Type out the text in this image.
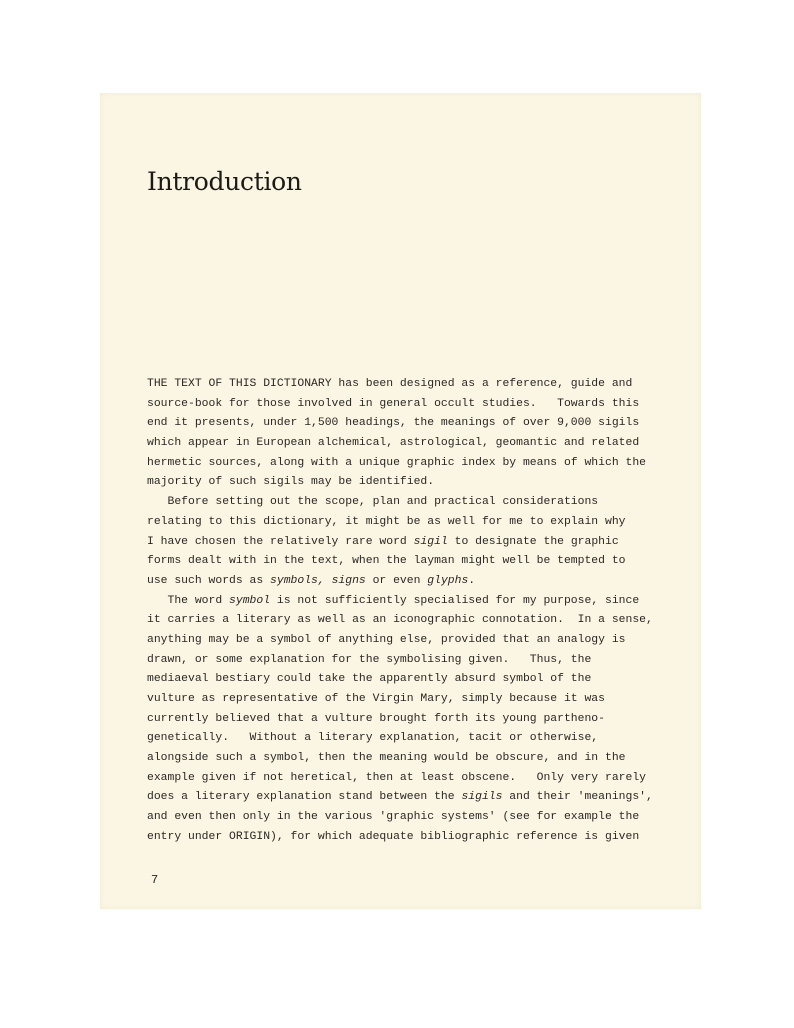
Introduction
THE TEXT OF THIS DICTIONARY has been designed as a reference, guide and
source-book for those involved in general occult studies.   Towards this
end it presents, under 1,500 headings, the meanings of over 9,000 sigils
which appear in European alchemical, astrological, geomantic and related
hermetic sources, along with a unique graphic index by means of which the
majority of such sigils may be identified.
Before setting out the scope, plan and practical considerations
relating to this dictionary, it might be as well for me to explain why
I have chosen the relatively rare word sigil to designate the graphic
forms dealt with in the text, when the layman might well be tempted to
use such words as symbols, signs or even glyphs.
The word symbol is not sufficiently specialised for my purpose, since
it carries a literary as well as an iconographic connotation.  In a sense,
anything may be a symbol of anything else, provided that an analogy is
drawn, or some explanation for the symbolising given.   Thus, the
mediaeval bestiary could take the apparently absurd symbol of the
vulture as representative of the Virgin Mary, simply because it was
currently believed that a vulture brought forth its young partheno-
genetically.   Without a literary explanation, tacit or otherwise,
alongside such a symbol, then the meaning would be obscure, and in the
example given if not heretical, then at least obscene.   Only very rarely
does a literary explanation stand between the sigils and their 'meanings',
and even then only in the various 'graphic systems' (see for example the
entry under ORIGIN), for which adequate bibliographic reference is given
7
